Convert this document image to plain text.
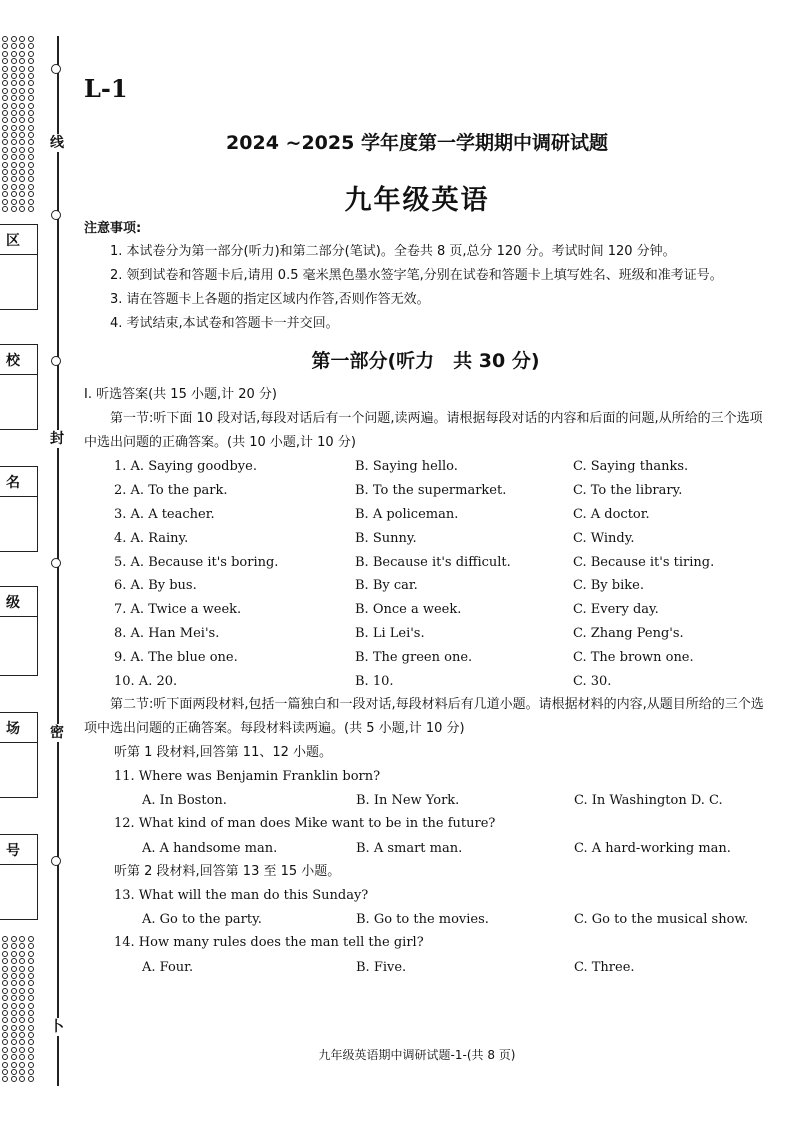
线
封
密
卜
区
校
名
级
场
号
L-1
2024 ~2025 学年度第一学期期中调研试题
九年级英语
注意事项:
1. 本试卷分为第一部分(听力)和第二部分(笔试)。全卷共 8 页,总分 120 分。考试时间 120 分钟。
2. 领到试卷和答题卡后,请用 0.5 毫米黑色墨水签字笔,分别在试卷和答题卡上填写姓名、班级和准考证号。
3. 请在答题卡上各题的指定区域内作答,否则作答无效。
4. 考试结束,本试卷和答题卡一并交回。
第一部分(听力　共 30 分)
Ⅰ. 听选答案(共 15 小题,计 20 分)
第一节:听下面 10 段对话,每段对话后有一个问题,读两遍。请根据每段对话的内容和后面的问题,从所给的三个选项中选出问题的正确答案。(共 10 小题,计 10 分)
1. A. Saying goodbye.	B. Saying hello.	C. Saying thanks.
2. A. To the park.	B. To the supermarket.	C. To the library.
3. A. A teacher.	B. A policeman.	C. A doctor.
4. A. Rainy.	B. Sunny.	C. Windy.
5. A. Because it's boring.	B. Because it's difficult.	C. Because it's tiring.
6. A. By bus.	B. By car.	C. By bike.
7. A. Twice a week.	B. Once a week.	C. Every day.
8. A. Han Mei's.	B. Li Lei's.	C. Zhang Peng's.
9. A. The blue one.	B. The green one.	C. The brown one.
10. A. 20.	B. 10.	C. 30.
第二节:听下面两段材料,包括一篇独白和一段对话,每段材料后有几道小题。请根据材料的内容,从题目所给的三个选项中选出问题的正确答案。每段材料读两遍。(共 5 小题,计 10 分)
听第 1 段材料,回答第 11、12 小题。
11. Where was Benjamin Franklin born?
A. In Boston.	B. In New York.	C. In Washington D. C.
12. What kind of man does Mike want to be in the future?
A. A handsome man.	B. A smart man.	C. A hard-working man.
听第 2 段材料,回答第 13 至 15 小题。
13. What will the man do this Sunday?
A. Go to the party.	B. Go to the movies.	C. Go to the musical show.
14. How many rules does the man tell the girl?
A. Four.	B. Five.	C. Three.
九年级英语期中调研试题-1-(共 8 页)
